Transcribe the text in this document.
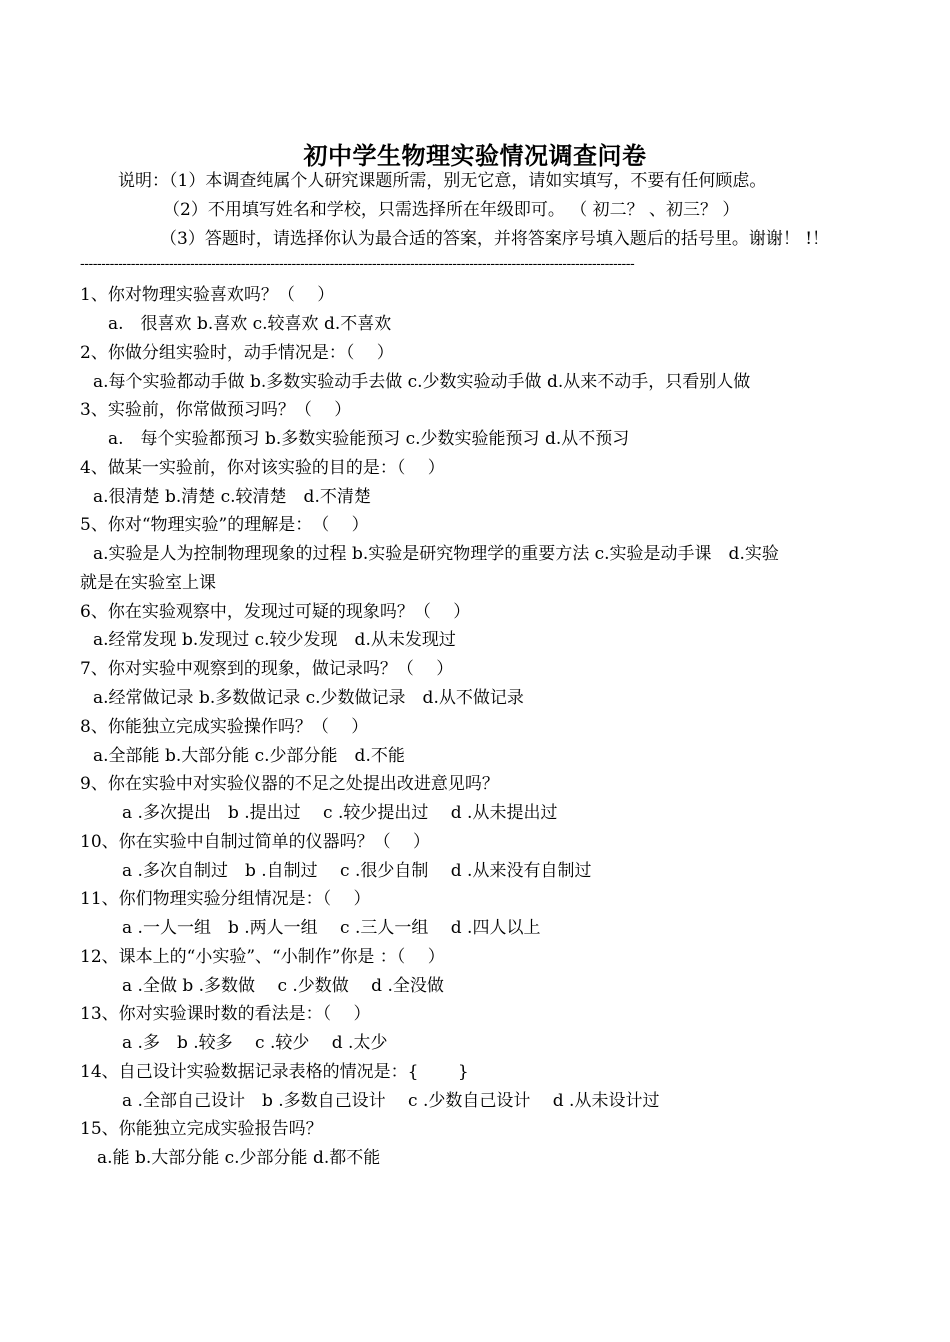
初中学生物理实验情况调查问卷
说明：（1）本调查纯属个人研究课题所需，别无它意，请如实填写，不要有任何顾虑。
（2）不用填写姓名和学校，只需选择所在年级即可。 （ 初二？ 、初三？ ）
（3）答题时，请选择你认为最合适的答案，并将答案序号填入题后的括号里。谢谢！ !！
-----------------------------------------------------------------------------------------------------------------------------------
1、你对物理实验喜欢吗？（　 ）
a.　很喜欢 b.喜欢 c.较喜欢 d.不喜欢
2、你做分组实验时，动手情况是：（　 ）
a.每个实验都动手做 b.多数实验动手去做 c.少数实验动手做 d.从来不动手，只看别人做
3、实验前，你常做预习吗？（　 ）
a.　每个实验都预习 b.多数实验能预习 c.少数实验能预习 d.从不预习
4、做某一实验前，你对该实验的目的是：（　 ）
a.很清楚 b.清楚 c.较清楚　d.不清楚
5、你对“物理实验”的理解是：　（　 ）
a.实验是人为控制物理现象的过程 b.实验是研究物理学的重要方法 c.实验是动手课　d.实验
就是在实验室上课
6、你在实验观察中，发现过可疑的现象吗？（　 ）
a.经常发现 b.发现过 c.较少发现　d.从未发现过
7、你对实验中观察到的现象，做记录吗？（　 ）
a.经常做记录 b.多数做记录 c.少数做记录　d.从不做记录
8、你能独立完成实验操作吗？（　 ）
a.全部能 b.大部分能 c.少部分能　d.不能
9、你在实验中对实验仪器的不足之处提出改进意见吗？
a .多次提出　b .提出过　 c .较少提出过　 d .从未提出过
10、你在实验中自制过简单的仪器吗？（　 ）
a .多次自制过　b .自制过　 c .很少自制　 d .从来没有自制过
11、你们物理实验分组情况是：（　 ）
a .一人一组　b .两人一组　 c .三人一组　 d .四人以上
12、课本上的“小实验”、“小制作”你是 ：（　 ）
a .全做 b .多数做　 c .少数做　 d .全没做
13、你对实验课时数的看法是：（　 ）
a .多　b .较多　 c .较少　 d .太少
14、自己设计实验数据记录表格的情况是：{　　 }
a .全部自己设计　b .多数自己设计　 c .少数自己设计　 d .从未设计过
15、你能独立完成实验报告吗？
a.能 b.大部分能 c.少部分能 d.都不能
